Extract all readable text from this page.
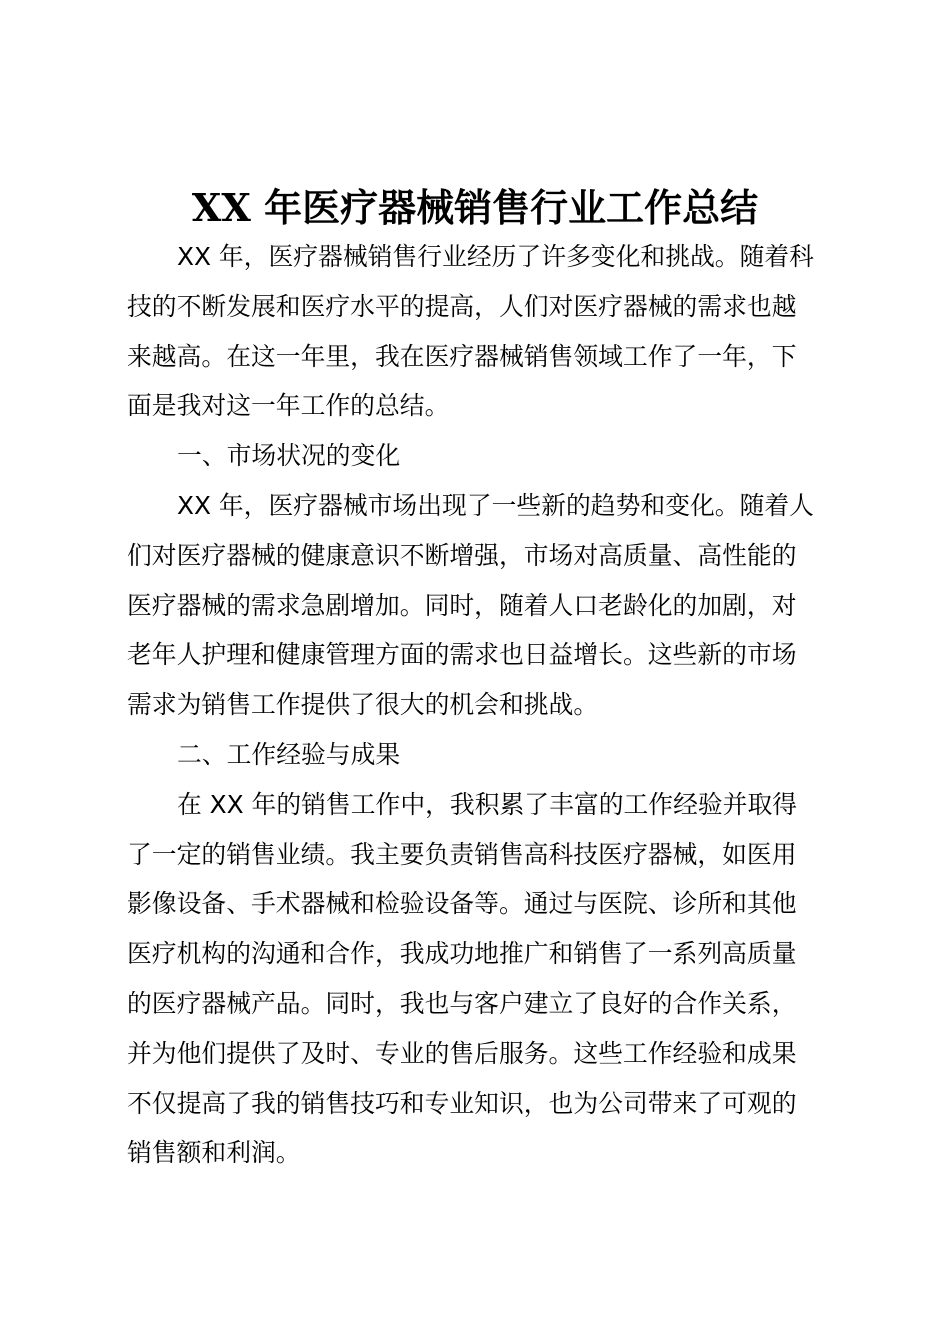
XX 年医疗器械销售行业工作总结

XX 年，医疗器械销售行业经历了许多变化和挑战。随着科
技的不断发展和医疗水平的提高，人们对医疗器械的需求也越
来越高。在这一年里，我在医疗器械销售领域工作了一年，下
面是我对这一年工作的总结。

一、市场状况的变化

XX 年，医疗器械市场出现了一些新的趋势和变化。随着人
们对医疗器械的健康意识不断增强，市场对高质量、高性能的
医疗器械的需求急剧增加。同时，随着人口老龄化的加剧，对
老年人护理和健康管理方面的需求也日益增长。这些新的市场
需求为销售工作提供了很大的机会和挑战。

二、工作经验与成果

在 XX 年的销售工作中，我积累了丰富的工作经验并取得
了一定的销售业绩。我主要负责销售高科技医疗器械，如医用
影像设备、手术器械和检验设备等。通过与医院、诊所和其他
医疗机构的沟通和合作，我成功地推广和销售了一系列高质量
的医疗器械产品。同时，我也与客户建立了良好的合作关系，
并为他们提供了及时、专业的售后服务。这些工作经验和成果
不仅提高了我的销售技巧和专业知识，也为公司带来了可观的
销售额和利润。
